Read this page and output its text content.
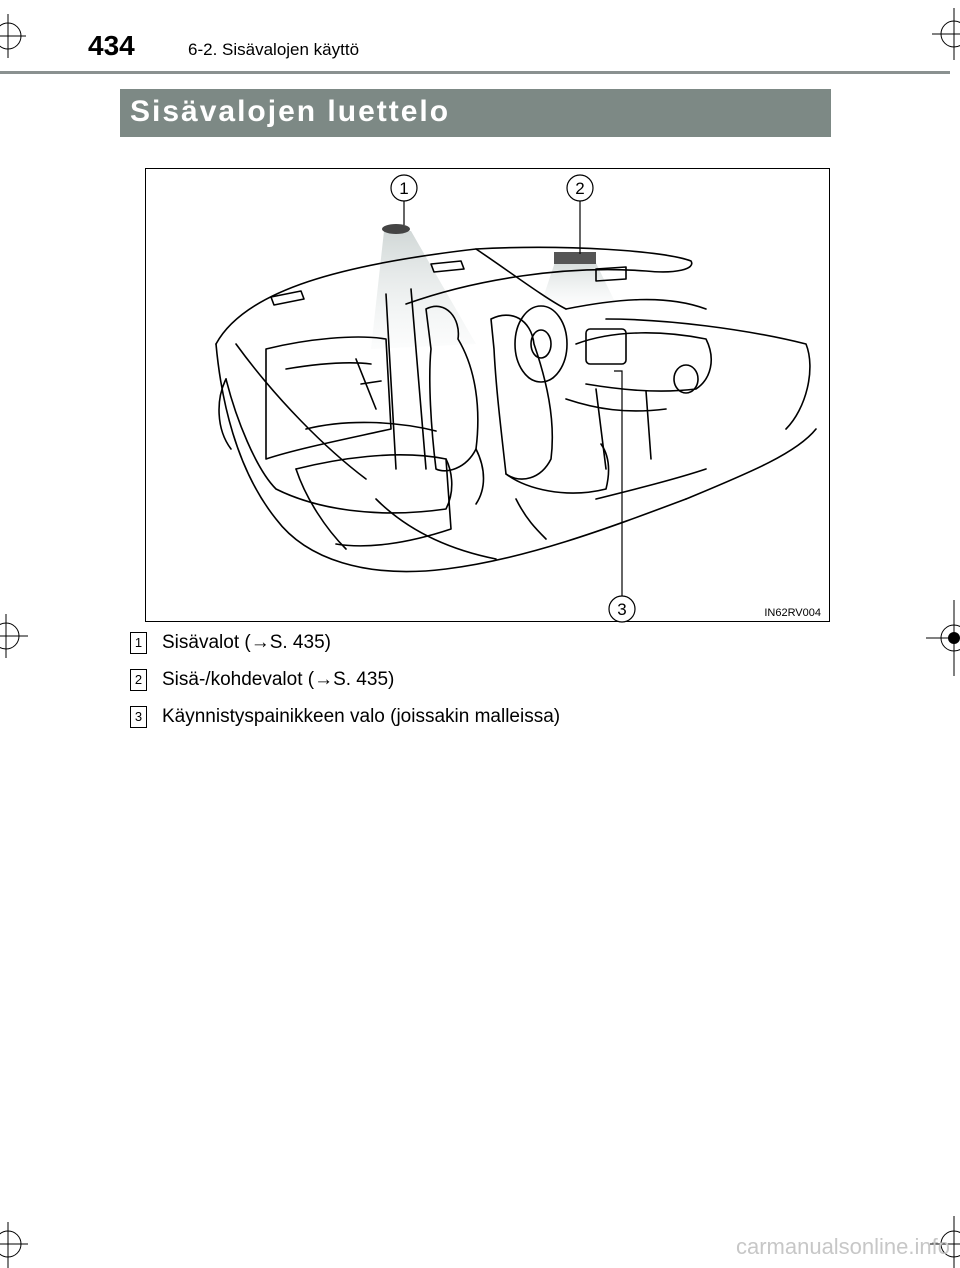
434	6-2. Sisävalojen käyttö
Sisävalojen luettelo
1	2
3	IN62RV004
1 Sisävalot (→S. 435)
2 Sisä-/kohdevalot (→S. 435)
3 Käynnistyspainikkeen valo (joissakin malleissa)
carmanualsonline.info
